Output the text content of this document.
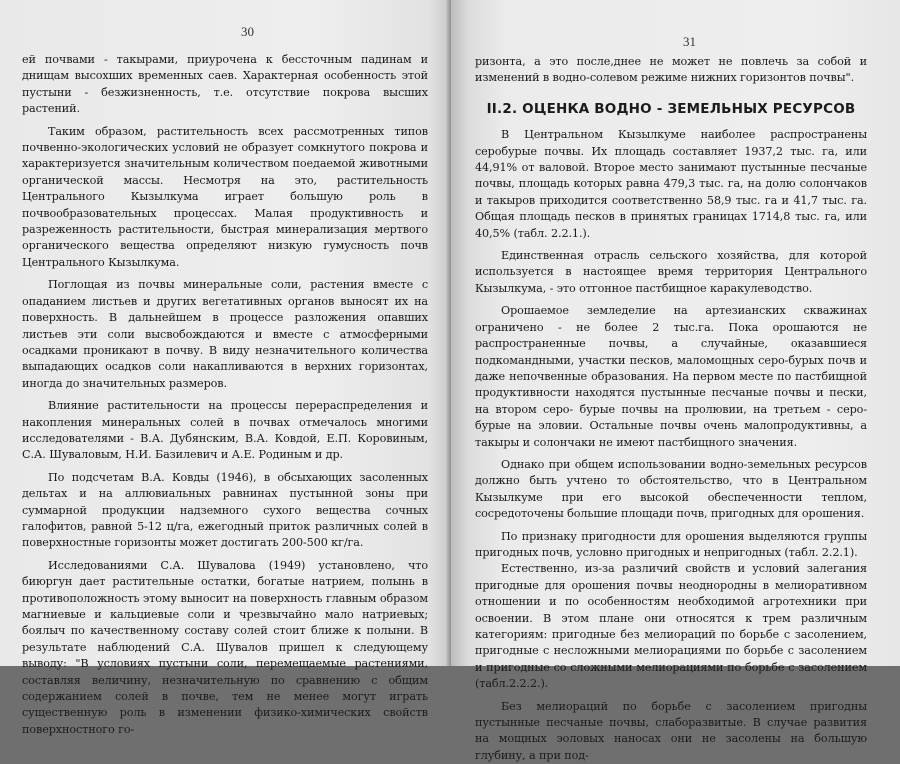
30

ей почвами - такырами, приурочена к бессточным падинам и днищам высохших временных саев. Характерная особенность этой пустыни - безжизненность, т.е. отсутствие покрова высших растений.

Таким образом, растительность всех рассмотренных типов почвенно-экологических условий не образует сомкнутого покрова и характеризуется значительным количеством поедаемой животными органической массы. Несмотря на это, растительность Центрального Кызылкума играет большую роль в почвообразовательных процессах. Малая продуктивность и разреженность растительности, быстрая минерализация мертвого органического вещества определяют низкую гумусность почв Центрального Кызылкума.

Поглощая из почвы минеральные соли, растения вместе с опаданием листьев и других вегетативных органов выносят их на поверхность. В дальнейшем в процессе разложения опавших листьев эти соли высвобождаются и вместе с атмосферными осадками проникают в почву. В виду незначительного количества выпадающих осадков соли накапливаются в верхних горизонтах, иногда до значительных размеров.

Влияние растительности на процессы перераспределения и накопления минеральных солей в почвах отмечалось многими исследователями - В.А. Дубянским, В.А. Ковдой, Е.П. Коровиным, С.А. Шуваловым, Н.И. Базилевич и А.Е. Родиным и др.

По подсчетам В.А. Ковды (1946), в обсыхающих засоленных дельтах и на аллювиальных равнинах пустынной зоны при суммарной продукции надземного сухого вещества сочных галофитов, равной 5-12 ц/га, ежегодный приток различных солей в поверхностные горизонты может достигать 200-500 кг/га.

Исследованиями С.А. Шувалова (1949) установлено, что биюргун дает растительные остатки, богатые натрием, полынь в противоположность этому выносит на поверхность главным образом магниевые и кальциевые соли и чрезвычайно мало натриевых; боялыч по качественному составу солей стоит ближе к полыни. В результате наблюдений С.А. Шувалов пришел к следующему выводу: "В условиях пустыни соли, перемещаемые растениями, составляя величину, незначительную по сравнению с общим содержанием солей в почве, тем не менее могут играть существенную роль в изменении физико-химических свойств поверхностного го-

31

ризонта, а это после,днее не может не повлечь за собой и изменений в водно-солевом режиме нижних горизонтов почвы".

II.2. ОЦЕНКА ВОДНО - ЗЕМЕЛЬНЫХ РЕСУРСОВ

В Центральном Кызылкуме наиболее распространены серобурые почвы. Их площадь составляет 1937,2 тыс. га, или 44,91% от валовой. Второе место занимают пустынные песчаные почвы, площадь которых равна 479,3 тыс. га, на долю солончаков и такыров приходится соответственно 58,9 тыс. га и 41,7 тыс. га. Общая площадь песков в принятых границах 1714,8 тыс. га, или 40,5% (табл. 2.2.1.).

Единственная отрасль сельского хозяйства, для которой используется в настоящее время территория Центрального Кызылкума, - это отгонное пастбищное каракулеводство.

Орошаемое земледелие на артезианских скважинах ограничено - не более 2 тыс.га. Пока орошаются не распространенные почвы, а случайные, оказавшиеся подкомандными, участки песков, маломощных серо-бурых почв и даже непочвенные образования. На первом месте по пастбищной продуктивности находятся пустынные песчаные почвы и пески, на втором серо- бурые почвы на пролювии, на третьем - серо-бурые на эловии. Остальные почвы очень малопродуктивны, а такыры и солончаки не имеют пастбищного значения.

Однако при общем использовании водно-земельных ресурсов должно быть учтено то обстоятельство, что в Центральном Кызылкуме при его высокой обеспеченности теплом, сосредоточены большие площади почв, пригодных для орошения.

По признаку пригодности для орошения выделяются группы пригодных почв, условно пригодных и непригодных (табл. 2.2.1).

Естественно, из-за различий свойств и условий залегания пригодные для орошения почвы неоднородны в мелиоративном отношении и по особенностям необходимой агротехники при освоении. В этом плане они относятся к трем различным категориям: пригодные без мелиораций по борьбе с засолением, пригодные с несложными мелиорациями по борьбе с засолением и пригодные со сложными мелиорациями по борьбе с засолением (табл.2.2.2.).

Без мелиораций по борьбе с засолением пригодны пустынные песчаные почвы, слаборазвитые. В случае развития на мощных эоловых наносах они не засолены на большую глубину, а при под-
